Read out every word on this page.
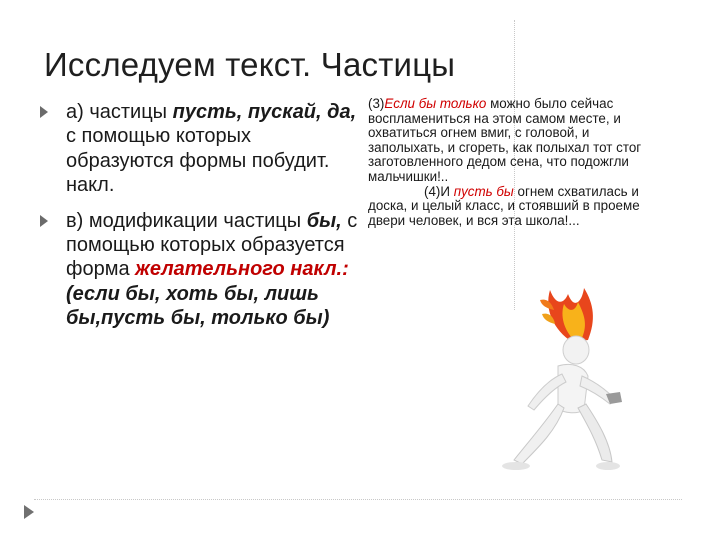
Исследуем текст. Частицы
а) частицы пусть, пускай, да, с помощью которых образуются формы побудит. накл.
в) модификации частицы бы, с помощью которых образуется форма желательного накл.: (если бы, хоть бы, лишь бы,пусть бы, только бы)

(3)Если бы только можно было сейчас воспламениться на этом самом месте, и охватиться огнем вмиг, с головой, и заполыхать, и сгореть, как полыхал тот стог заготовленного дедом сена, что подожгли мальчишки!..

(4)И пусть бы огнем схватилась и доска, и целый класс, и стоявший в проеме двери человек, и вся эта школа!...
